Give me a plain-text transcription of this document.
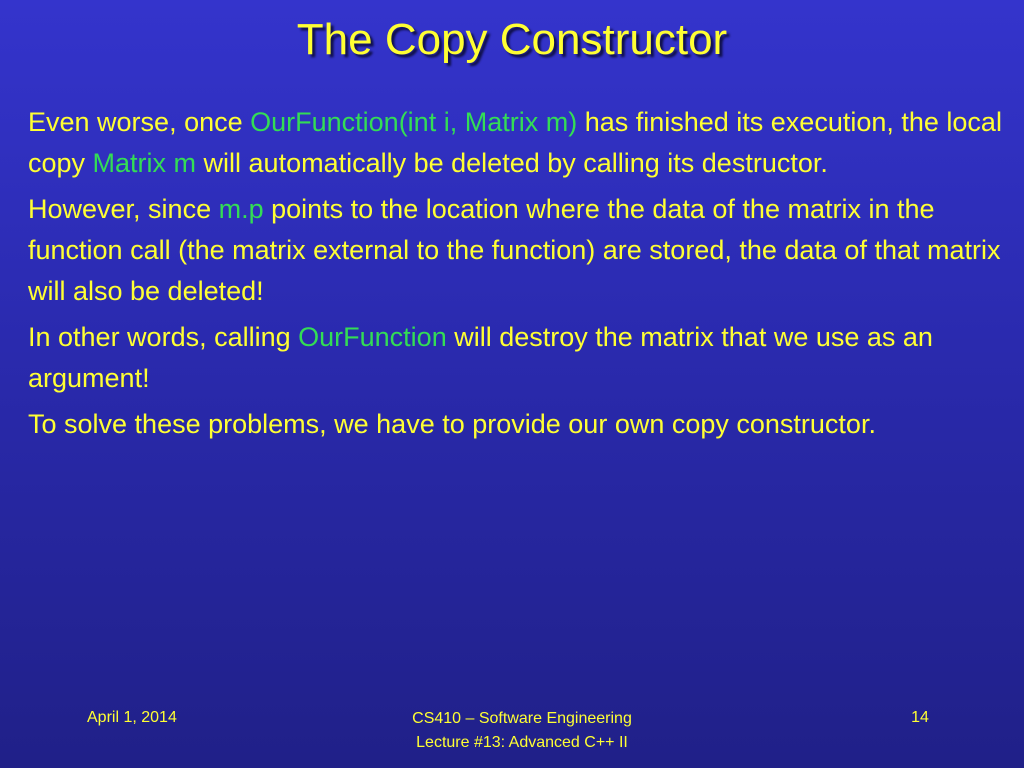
The Copy Constructor

Even worse, once OurFunction(int i, Matrix m) has finished its execution, the local copy Matrix m will automatically be deleted by calling its destructor.

However, since m.p points to the location where the data of the matrix in the function call (the matrix external to the function) are stored, the data of that matrix will also be deleted!

In other words, calling OurFunction will destroy the matrix that we use as an argument!

To solve these problems, we have to provide our own copy constructor.

April 1, 2014	CS410 – Software Engineering
Lecture #13: Advanced C++ II
14
